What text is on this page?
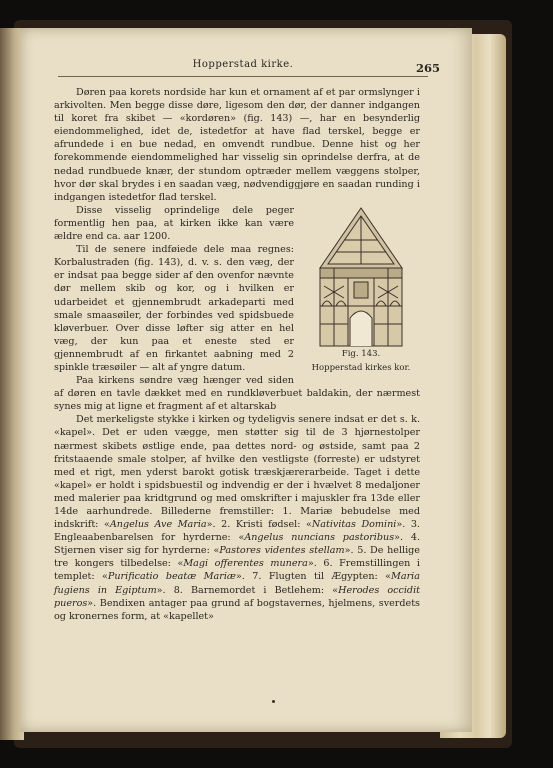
Hopperstad kirke.	265

Døren paa korets nordside har kun et ornament af et par ormslynger i arkivolten. Men begge disse døre, ligesom den dør, der danner indgangen til koret fra skibet — «kordøren» (fig. 143) —, har en besynderlig eiendommelighed, idet de, istedetfor at have flad terskel, begge er afrundede i en bue nedad, en omvendt rundbue. Denne hist og her forekommende eiendommelighed har visselig sin oprindelse derfra, at de nedad rundbuede knær, der stundom optræder mellem væggens stolper, hvor dør skal brydes i en saadan væg, nødvendiggjøre en saadan runding i indgangen istedetfor flad terskel.

Fig. 143.
Hopperstad kirkes kor.

Disse visselig oprindelige dele peger formentlig hen paa, at kirken ikke kan være ældre end ca. aar 1200.

Til de senere indføiede dele maa regnes: Korbalustraden (fig. 143), d. v. s. den væg, der er indsat paa begge sider af den ovenfor nævnte dør mellem skib og kor, og i hvilken er udarbeidet et gjennembrudt arkadeparti med smale smaasøiler, der forbindes ved spidsbuede kløverbuer. Over disse løfter sig atter en hel væg, der kun paa et eneste sted er gjennembrudt af en firkantet aabning med 2 spinkle træsøiler — alt af yngre datum.

Paa kirkens søndre væg hænger ved siden af døren en tavle dækket med en rundkløverbuet baldakin, der nærmest synes mig at ligne et fragment af et altarskab

Det merkeligste stykke i kirken og tydeligvis senere indsat er det s. k. «kapel». Det er uden vægge, men støtter sig til de 3 hjørnestolper nærmest skibets østlige ende, paa dettes nord- og østside, samt paa 2 fritstaaende smale stolper, af hvilke den vestligste (forreste) er udstyret med et rigt, men yderst barokt gotisk træskjærerarbeide. Taget i dette «kapel» er holdt i spidsbuestil og indvendig er der i hvælvet 8 medaljoner med malerier paa kridtgrund og med omskrifter i majuskler fra 13de eller 14de aarhundrede. Billederne fremstiller: 1. Mariæ bebudelse med indskrift: «Angelus Ave Maria». 2. Kristi fødsel: «Nativitas Domini». 3. Engleaabenbarelsen for hyrderne: «Angelus nuncians pastoribus». 4. Stjernen viser sig for hyrderne: «Pastores videntes stellam». 5. De hellige tre kongers tilbedelse: «Magi offerentes munera». 6. Fremstillingen i templet: «Purificatio beatæ Mariæ». 7. Flugten til Ægypten: «Maria fugiens in Egiptum». 8. Barnemordet i Betlehem: «Herodes occidit pueros». Bendixen antager paa grund af bogstavernes, hjelmens, sverdets og kronernes form, at «kapellet»
